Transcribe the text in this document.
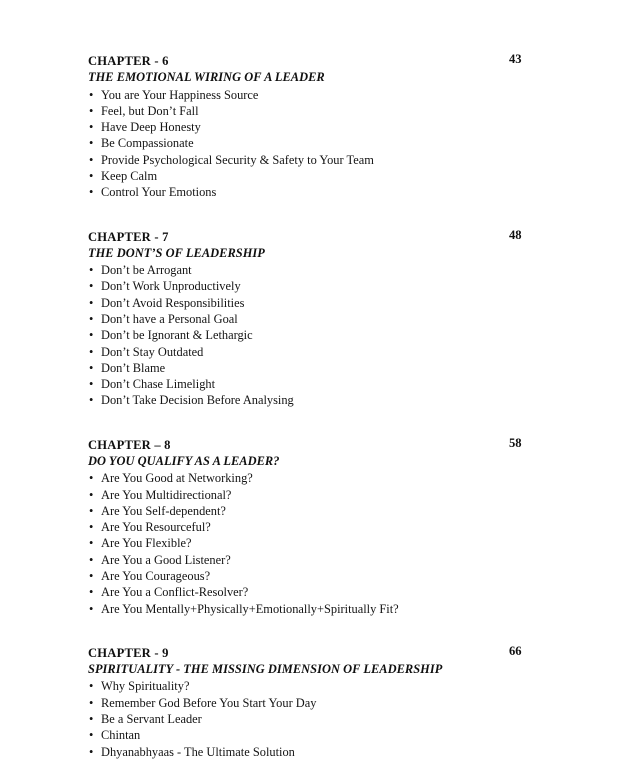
CHAPTER - 6	43
THE EMOTIONAL WIRING OF A LEADER
• You are Your Happiness Source
• Feel, but Don’t Fall
• Have Deep Honesty
• Be Compassionate
• Provide Psychological Security & Safety to Your Team
• Keep Calm
• Control Your Emotions
CHAPTER - 7	48
THE DONT’S OF LEADERSHIP
• Don’t be Arrogant
• Don’t Work Unproductively
• Don’t Avoid Responsibilities
• Don’t have a Personal Goal
• Don’t be Ignorant & Lethargic
• Don’t Stay Outdated
• Don’t Blame
• Don’t Chase Limelight
• Don’t Take Decision Before Analysing
CHAPTER – 8	58
DO YOU QUALIFY AS A LEADER?
• Are You Good at Networking?
• Are You Multidirectional?
• Are You Self-dependent?
• Are You Resourceful?
• Are You Flexible?
• Are You a Good Listener?
• Are You Courageous?
• Are You a Conflict-Resolver?
• Are You Mentally+Physically+Emotionally+Spiritually Fit?
CHAPTER - 9	66
SPIRITUALITY - THE MISSING DIMENSION OF LEADERSHIP
• Why Spirituality?
• Remember God Before You Start Your Day
• Be a Servant Leader
• Chintan
• Dhyanabhyaas - The Ultimate Solution
